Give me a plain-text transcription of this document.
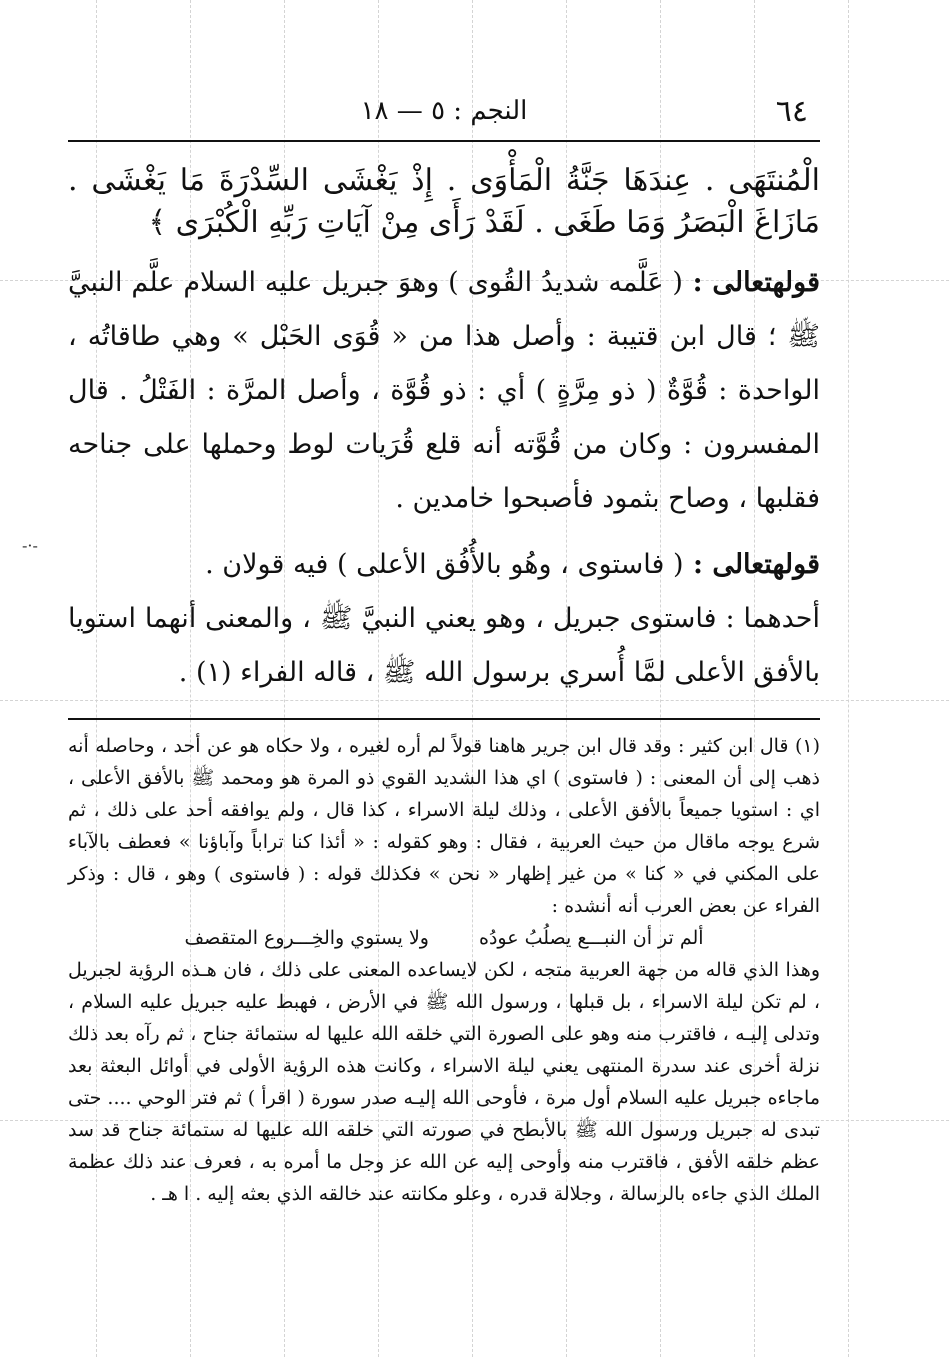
-·-
٦٤
النجم : ٥ — ١٨

الْمُنتَهَى . عِندَهَا جَنَّةُ الْمَأْوَى . إِذْ يَغْشَى السِّدْرَةَ مَا يَغْشَى . مَازَاغَ الْبَصَرُ وَمَا طَغَى . لَقَدْ رَأَى مِنْ آيَاتِ رَبِّهِ الْكُبْرَى ﴾

قولهتعالى : ( عَلَّمه شديدُ القُوى ) وهوَ جبريل عليه السلام علَّم النبيَّ ﷺ ؛ قال ابن قتيبة : وأصل هذا من « قُوَى الحَبْل » وهي طاقاتُه ، الواحدة : قُوَّةٌ ( ذو مِرَّةٍ ) أي : ذو قُوَّة ، وأصل المرَّة : الفَتْلُ . قال المفسرون : وكان من قُوَّته أنه قلع قُرَيات لوط وحملها على جناحه فقلبها ، وصاح بثمود فأصبحوا خامدين .

قولهتعالى : ( فاستوى ، وهُو بالأُفُق الأعلى ) فيه قولان .

أحدهما : فاستوى جبريل ، وهو يعني النبيَّ ﷺ ، والمعنى أنهما استويا بالأفق الأعلى لمَّا أُسري برسول الله ﷺ ، قاله الفراء (١) .

(١) قال ابن كثير : وقد قال ابن جرير هاهنا قولاً لم أره لغيره ، ولا حكاه هو عن أحد ، وحاصله أنه ذهب إلى أن المعنى : ( فاستوى ) اي هذا الشديد القوي ذو المرة هو ومحمد ﷺ بالأفق الأعلى ، اي : استويا جميعاً بالأفق الأعلى ، وذلك ليلة الاسراء ، كذا قال ، ولم يوافقه أحد على ذلك ، ثم شرع يوجه ماقال من حيث العربية ، فقال : وهو كقوله : « أئذا كنا تراباً وآباؤنا » فعطف بالآباء على المكني في « كنا » من غير إظهار « نحن » فكذلك قوله : ( فاستوى ) وهو ، قال : وذكر الفراء عن بعض العرب أنه أنشده :

ألم تر أن النبـــع يصلُبُ عودُه
ولا يستوي والخِـــروع المتقصف

وهذا الذي قاله من جهة العربية متجه ، لكن لايساعده المعنى على ذلك ، فان هـذه الرؤية لجبريل ، لم تكن ليلة الاسراء ، بل قبلها ، ورسول الله ﷺ في الأرض ، فهبط عليه جبريل عليه السلام ، وتدلى إليـه ، فاقترب منه وهو على الصورة التي خلقه الله عليها له ستمائة جناح ، ثم رآه بعد ذلك نزلة أخرى عند سدرة المنتهى يعني ليلة الاسراء ، وكانت هذه الرؤية الأولى في أوائل البعثة بعد ماجاءه جبريل عليه السلام أول مرة ، فأوحى الله إليـه صدر سورة ( اقرأ ) ثم فتر الوحي .... حتى تبدى له جبريل ورسول الله ﷺ بالأبطح في صورته التي خلقه الله عليها له ستمائة جناح قد سد عظم خلقه الأفق ، فاقترب منه وأوحى إليه عن الله عز وجل ما أمره به ، فعرف عند ذلك عظمة الملك الذي جاءه بالرسالة ، وجلالة قدره ، وعلو مكانته عند خالقه الذي بعثه إليه . ا هـ .
